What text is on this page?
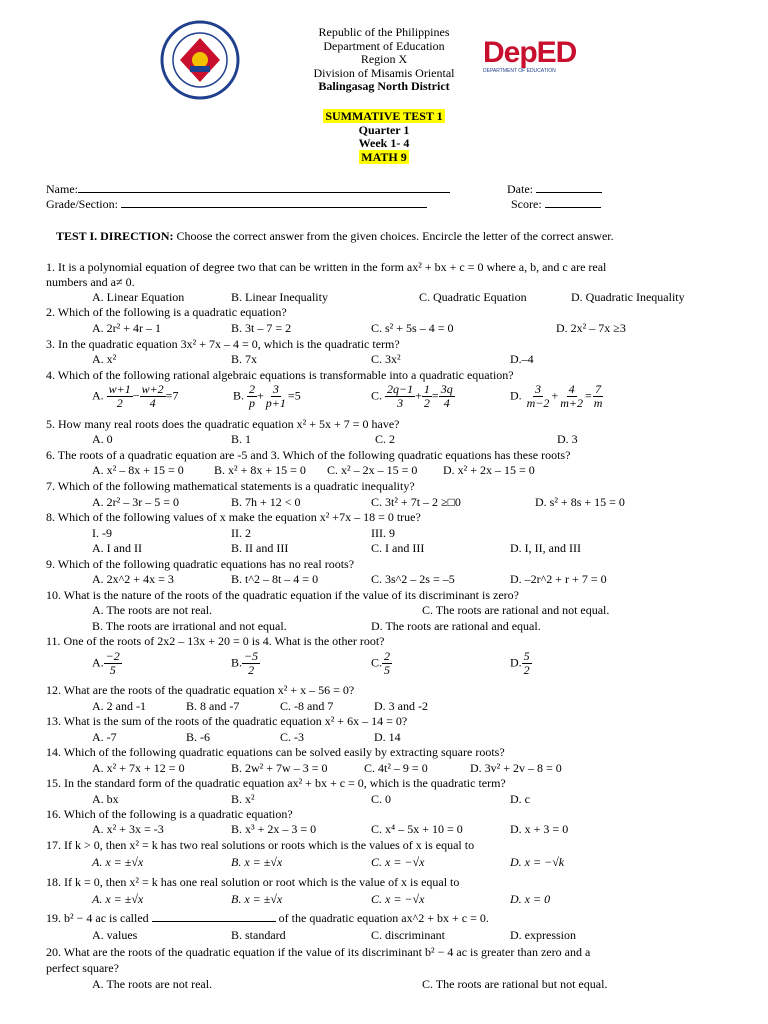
DepED
DEPARTMENT OF EDUCATION
Republic of the Philippines
Department of Education
Region X
Division of Misamis Oriental
Balingasag North District
SUMMATIVE TEST 1
Quarter 1
Week 1- 4
MATH 9
Name:
Grade/Section:
Date:
Score:
TEST I. DIRECTION: Choose the correct answer from the given choices. Encircle the letter of the correct answer.
1. It is a polynomial equation of degree two that can be written in the form ax² + bx + c = 0 where a, b, and c are real
numbers and a≠ 0.
A. Linear Equation	B. Linear Inequality	C. Quadratic Equation	D. Quadratic Inequality
2. Which of the following is a quadratic equation?
A. 2r² + 4r – 1	B. 3t – 7 = 2	C. s² + 5s – 4 = 0	D. 2x² – 7x ≥3
3. In the quadratic equation 3x² + 7x – 4 = 0, which is the quadratic term?
A. x²	B. 7x	C. 3x²	D.–4
4. Which of the following rational algebraic equations is transformable into a quadratic equation?
A. $\frac{w+1}{2} - \frac{w+2}{4} =7$	B. $\frac{2}{p} + \frac{3}{p+1} =5$	C. $\frac{2q-1}{3} + \frac{1}{2} = \frac{3q}{4}$	D. $\frac{3}{m-2} + \frac{4}{m+2} = \frac{7}{m}$
5. How many real roots does the quadratic equation x² + 5x + 7 = 0 have?
A. 0	B. 1	C. 2	D. 3
6. The roots of a quadratic equation are -5 and 3. Which of the following quadratic equations has these roots?
A. x² – 8x + 15 = 0	B. x² + 8x + 15 = 0 C. x² – 2x – 15 = 0 D. x² + 2x – 15 = 0
7. Which of the following mathematical statements is a quadratic inequality?
A. 2r² – 3r – 5 = 0	B. 7h + 12 < 0	C. 3t² + 7t – 2 ≥□0	D. s² + 8s + 15 = 0
8. Which of the following values of x make the equation x² +7x – 18 = 0 true?
I. -9	II. 2	III. 9
A. I and II	B. II and III	C. I and III	D. I, II, and III
9. Which of the following quadratic equations has no real roots?
A. 2x^2 + 4x = 3	B. t^2 – 8t – 4 = 0	C. 3s^2 – 2s = –5	D. –2r^2 + r + 7 = 0
10. What is the nature of the roots of the quadratic equation if the value of its discriminant is zero?
A. The roots are not real.	C. The roots are rational and not equal.
B. The roots are irrational and not equal.	D. The roots are rational and equal.
11. One of the roots of 2x2 – 13x + 20 = 0 is 4. What is the other root?
A. $\frac{-2}{5}$	B. $\frac{-5}{2}$	C. $\frac{2}{5}$	D. $\frac{5}{2}$
12. What are the roots of the quadratic equation x² + x – 56 = 0?
A. 2 and -1	B. 8 and -7	C. -8 and 7	D. 3 and -2
13. What is the sum of the roots of the quadratic equation x² + 6x – 14 = 0?
A. -7	B. -6	C. -3	D. 14
14. Which of the following quadratic equations can be solved easily by extracting square roots?
A. x² + 7x + 12 = 0	B. 2w² + 7w – 3 = 0	C. 4t² – 9 = 0	D. 3v² + 2v – 8 = 0
15. In the standard form of the quadratic equation ax² + bx + c = 0, which is the quadratic term?
A. bx	B. x²	C. 0	D. c
16. Which of the following is a quadratic equation?
A. x² + 3x = -3	B. x³ + 2x – 3 = 0	C. x⁴ – 5x + 10 = 0	D. x + 3 = 0
17. If k > 0, then x² = k has two real solutions or roots which is the values of x is equal to
A. x = ±√x	B. x = ±√x	C. x = −√x	D. x = −√k
18. If k = 0, then x² = k has one real solution or root which is the value of x is equal to
A. x = ±√x	B. x = ±√x	C. x = −√x	D. x = 0
19. b² − 4 ac is called	of the quadratic equation ax^2 + bx + c = 0.
A. values	B. standard	C. discriminant	D. expression
20. What are the roots of the quadratic equation if the value of its discriminant b² − 4 ac is greater than zero and a
perfect square?
A. The roots are not real.	C. The roots are rational but not equal.
